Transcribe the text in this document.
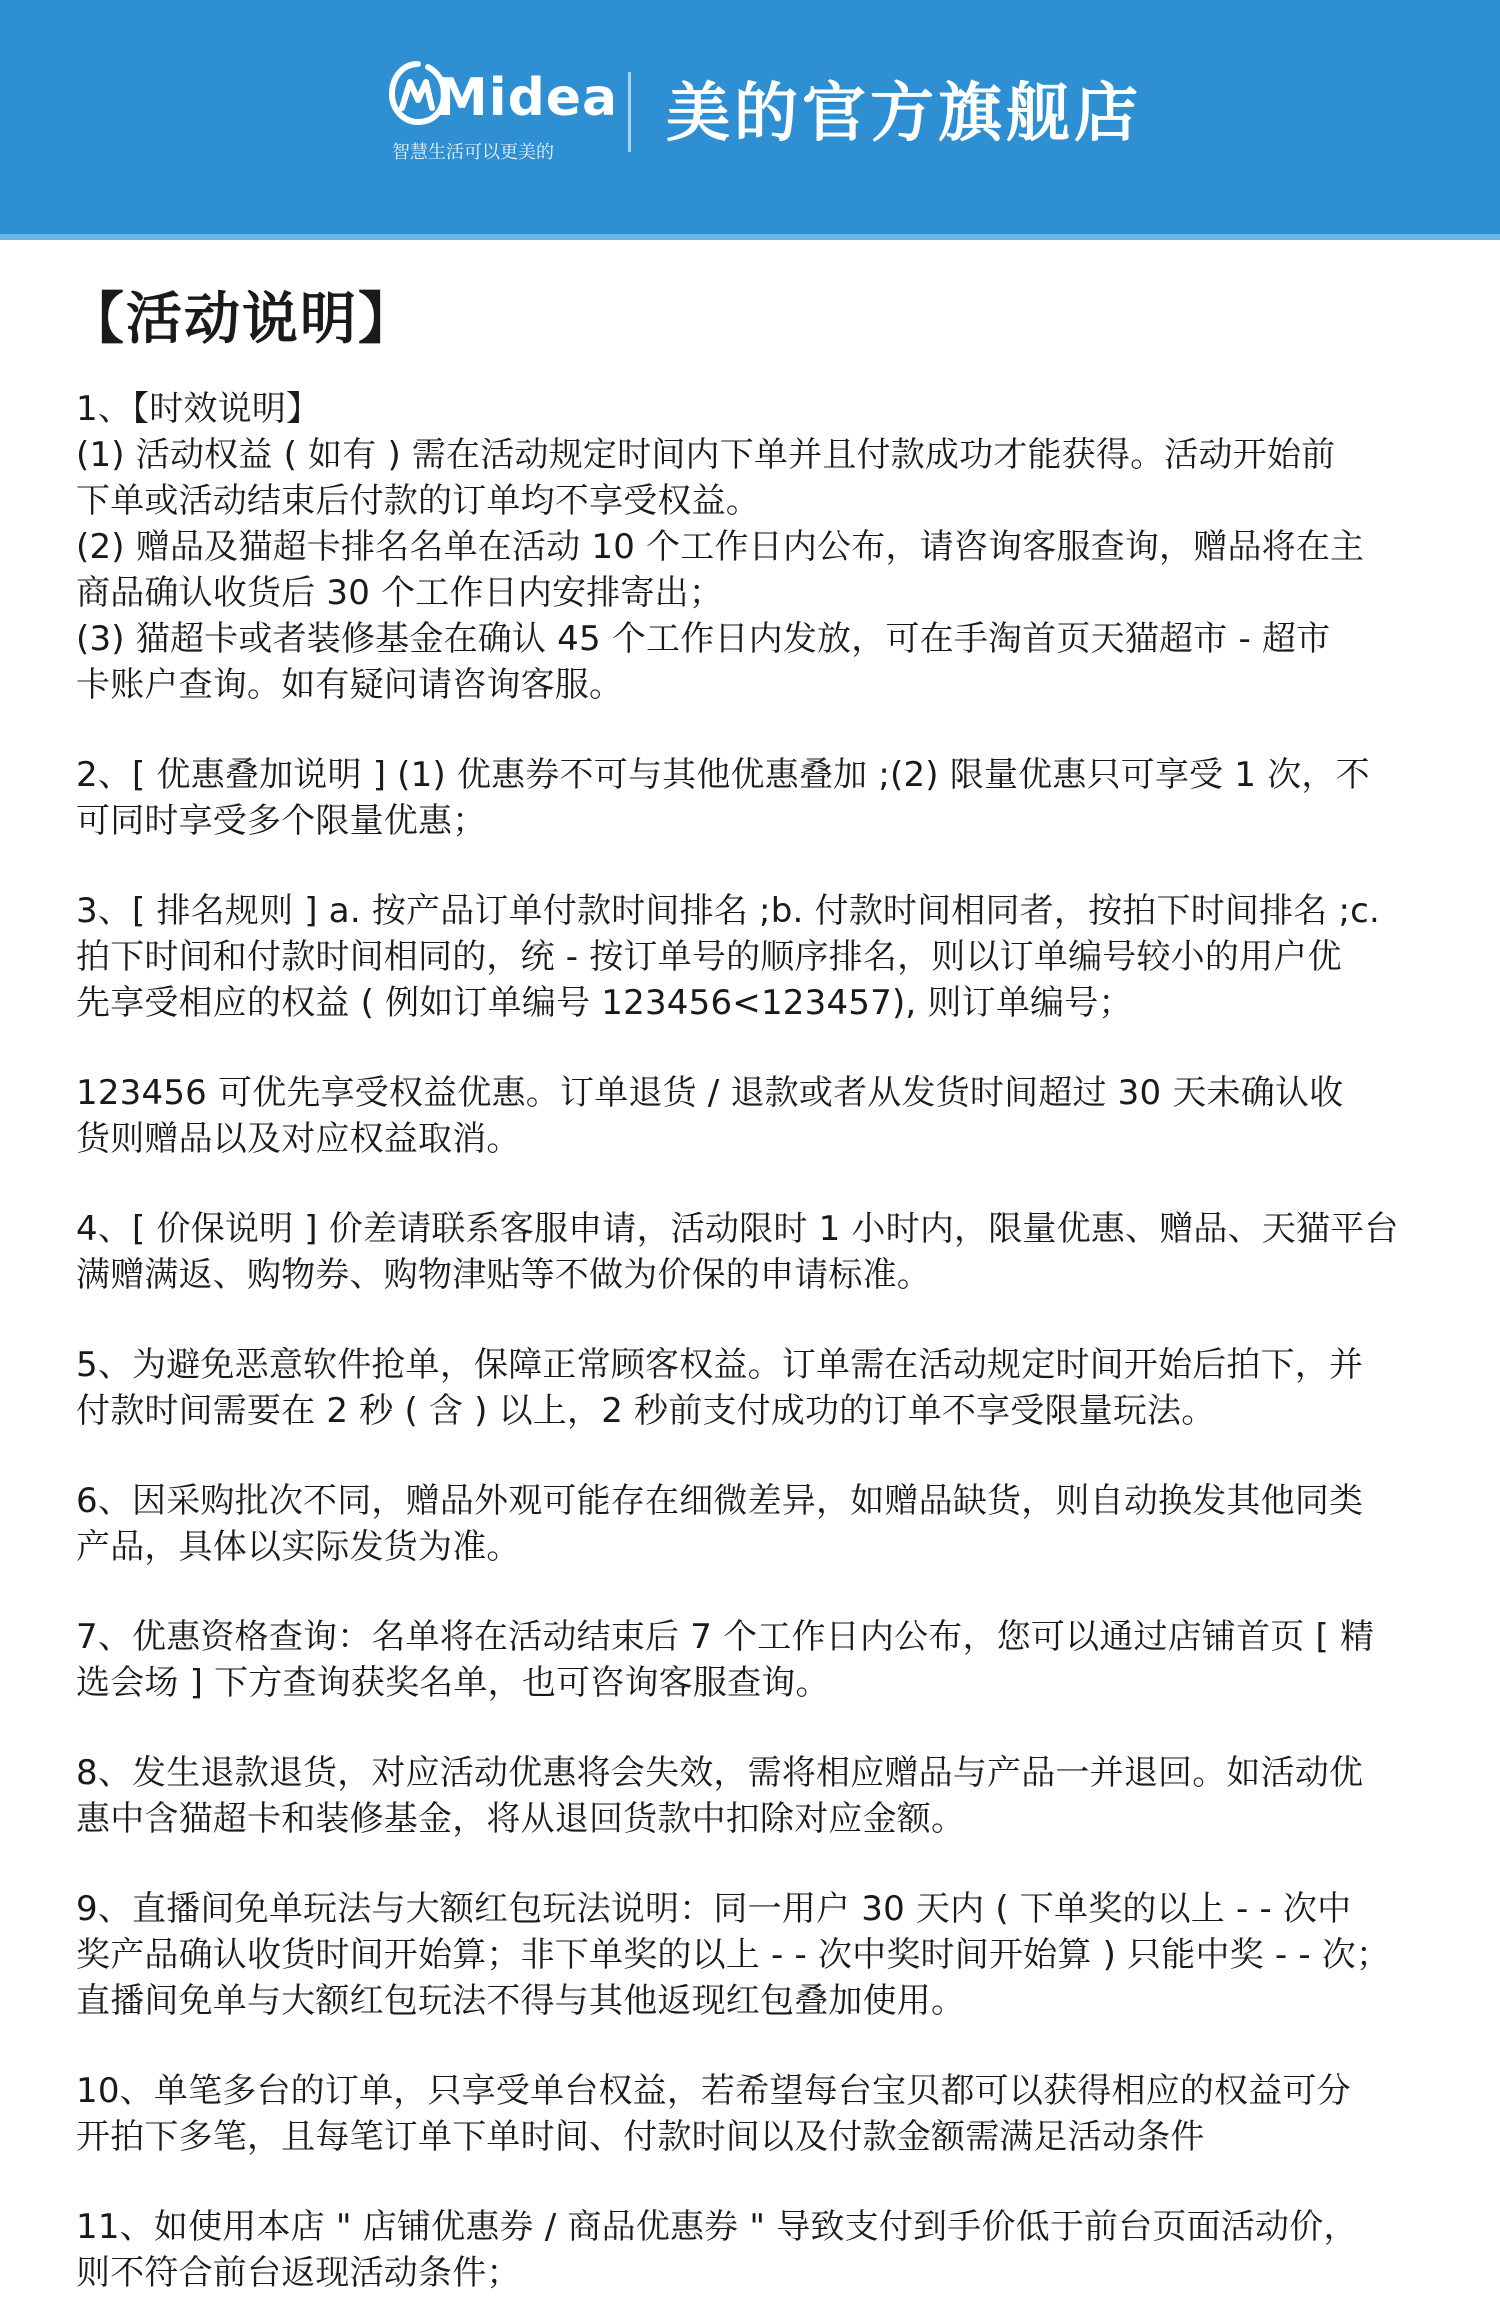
Midea
智慧生活可以更美的
美的官方旗舰店
【活动说明】
1、【时效说明】
(1) 活动权益 ( 如有 ) 需在活动规定时间内下单并且付款成功才能获得。活动开始前
下单或活动结束后付款的订单均不享受权益。
(2) 赠品及猫超卡排名名单在活动 10 个工作日内公布，请咨询客服查询，赠品将在主
商品确认收货后 30 个工作日内安排寄出；
(3) 猫超卡或者装修基金在确认 45 个工作日内发放，可在手淘首页天猫超市 - 超市
卡账户查询。如有疑问请咨询客服。
2、[ 优惠叠加说明 ] (1) 优惠券不可与其他优惠叠加 ;(2) 限量优惠只可享受 1 次，不
可同时享受多个限量优惠；
3、[ 排名规则 ] a. 按产品订单付款时间排名 ;b. 付款时间相同者，按拍下时间排名 ;c.
拍下时间和付款时间相同的，统 - 按订单号的顺序排名，则以订单编号较小的用户优
先享受相应的权益 ( 例如订单编号 123456<123457), 则订单编号；
123456 可优先享受权益优惠。订单退货 / 退款或者从发货时间超过 30 天未确认收
货则赠品以及对应权益取消。
4、[ 价保说明 ] 价差请联系客服申请，活动限时 1 小时内，限量优惠、赠品、天猫平台
满赠满返、购物券、购物津贴等不做为价保的申请标准。
5、为避免恶意软件抢单，保障正常顾客权益。订单需在活动规定时间开始后拍下，并
付款时间需要在 2 秒 ( 含 ) 以上，2 秒前支付成功的订单不享受限量玩法。
6、因采购批次不同，赠品外观可能存在细微差异，如赠品缺货，则自动换发其他同类
产品，具体以实际发货为准。
7、优惠资格查询：名单将在活动结束后 7 个工作日内公布，您可以通过店铺首页 [ 精
选会场 ] 下方查询获奖名单，也可咨询客服查询。
8、发生退款退货，对应活动优惠将会失效，需将相应赠品与产品一并退回。如活动优
惠中含猫超卡和装修基金，将从退回货款中扣除对应金额。
9、直播间免单玩法与大额红包玩法说明：同一用户 30 天内 ( 下单奖的以上 - - 次中
奖产品确认收货时间开始算；非下单奖的以上 - - 次中奖时间开始算 ) 只能中奖 - - 次；
直播间免单与大额红包玩法不得与其他返现红包叠加使用。
10、单笔多台的订单，只享受单台权益，若希望每台宝贝都可以获得相应的权益可分
开拍下多笔，且每笔订单下单时间、付款时间以及付款金额需满足活动条件
11、如使用本店 " 店铺优惠券 / 商品优惠券 " 导致支付到手价低于前台页面活动价，
则不符合前台返现活动条件；
